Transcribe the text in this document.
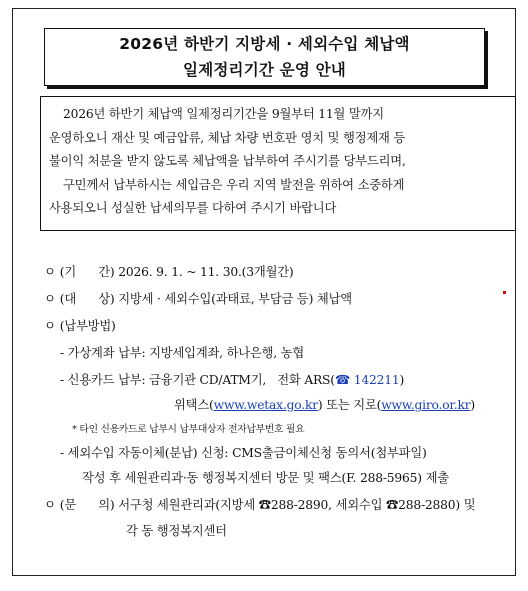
2026년 하반기 지방세 · 세외수입 체납액
일제정리기간 운영 안내
2026년 하반기 체납액 일제정리기간을 9월부터 11월 말까지
운영하오니 재산 및 예금압류, 체납 차량 번호판 영치 및 행정제재 등
불이익 처분을 받지 않도록 체납액을 납부하여 주시기를 당부드리며,
구민께서 납부하시는 세입금은 우리 지역 발전을 위하여 소중하게
사용되오니 성실한 납세의무를 다하여 주시기 바랍니다
ㅇ (기      간) 2026. 9. 1. ~ 11. 30.(3개월간)
ㅇ (대      상) 지방세 · 세외수입(과태료, 부담금 등) 체납액
ㅇ (납부방법)
- 가상계좌 납부: 지방세입계좌, 하나은행, 농협
- 신용카드 납부: 금융기관 CD/ATM기,   전화 ARS(☎ 142211)
위택스(www.wetax.go.kr) 또는 지로(www.giro.or.kr)
* 타인 신용카드로 납부시 납부대상자 전자납부번호 필요
- 세외수입 자동이체(분납) 신청: CMS출금이체신청 동의서(첨부파일)
작성 후 세원관리과·동 행정복지센터 방문 및 팩스(F. 288-5965) 제출
ㅇ (문      의) 서구청 세원관리과(지방세 ☎288-2890, 세외수입 ☎288-2880) 및
각 동 행정복지센터
